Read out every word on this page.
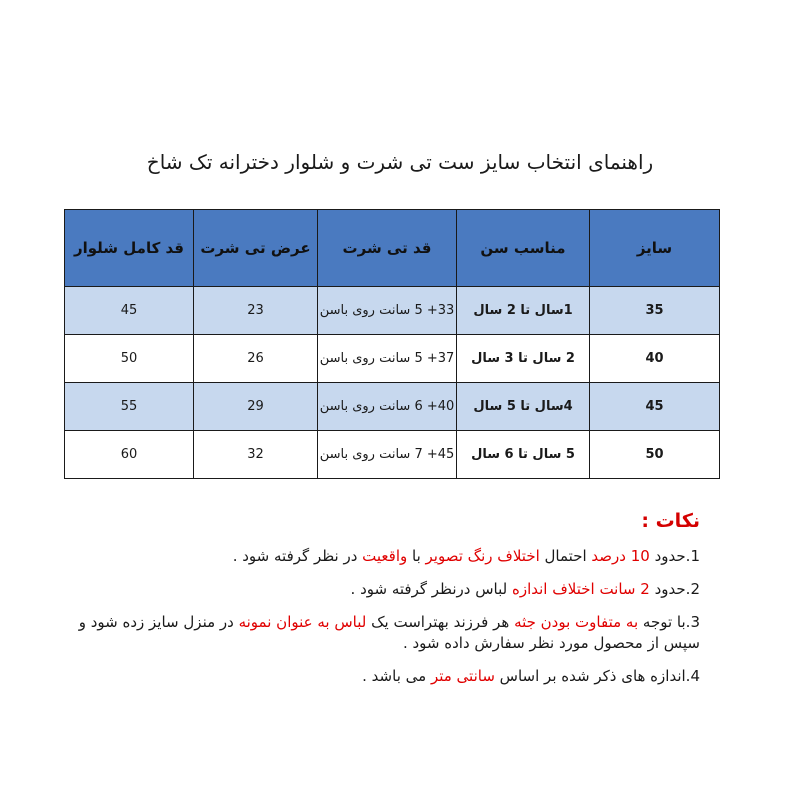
راهنمای انتخاب سایز ست تی شرت و شلوار دخترانه تک شاخ
سایز	مناسب سن	قد تی شرت	عرض تی شرت	قد کامل شلوار
35	1سال تا 2 سال	33+ 5 سانت روی باسن	23	45
40	2 سال تا 3 سال	37+ 5 سانت روی باسن	26	50
45	4سال تا 5 سال	40+ 6 سانت روی باسن	29	55
50	5 سال تا 6 سال	45+ 7 سانت روی باسن	32	60
نکات :
1.حدود 10 درصد احتمال اختلاف رنگ تصویر با واقعیت در نظر گرفته شود .
2.حدود 2 سانت اختلاف اندازه لباس درنظر گرفته شود .
3.با توجه به متفاوت بودن جثه هر فرزند بهتراست یک لباس به عنوان نمونه در منزل سایز زده شود و
سپس از محصول مورد نظر سفارش داده شود .
4.اندازه های ذکر شده بر اساس سانتی متر می باشد .
